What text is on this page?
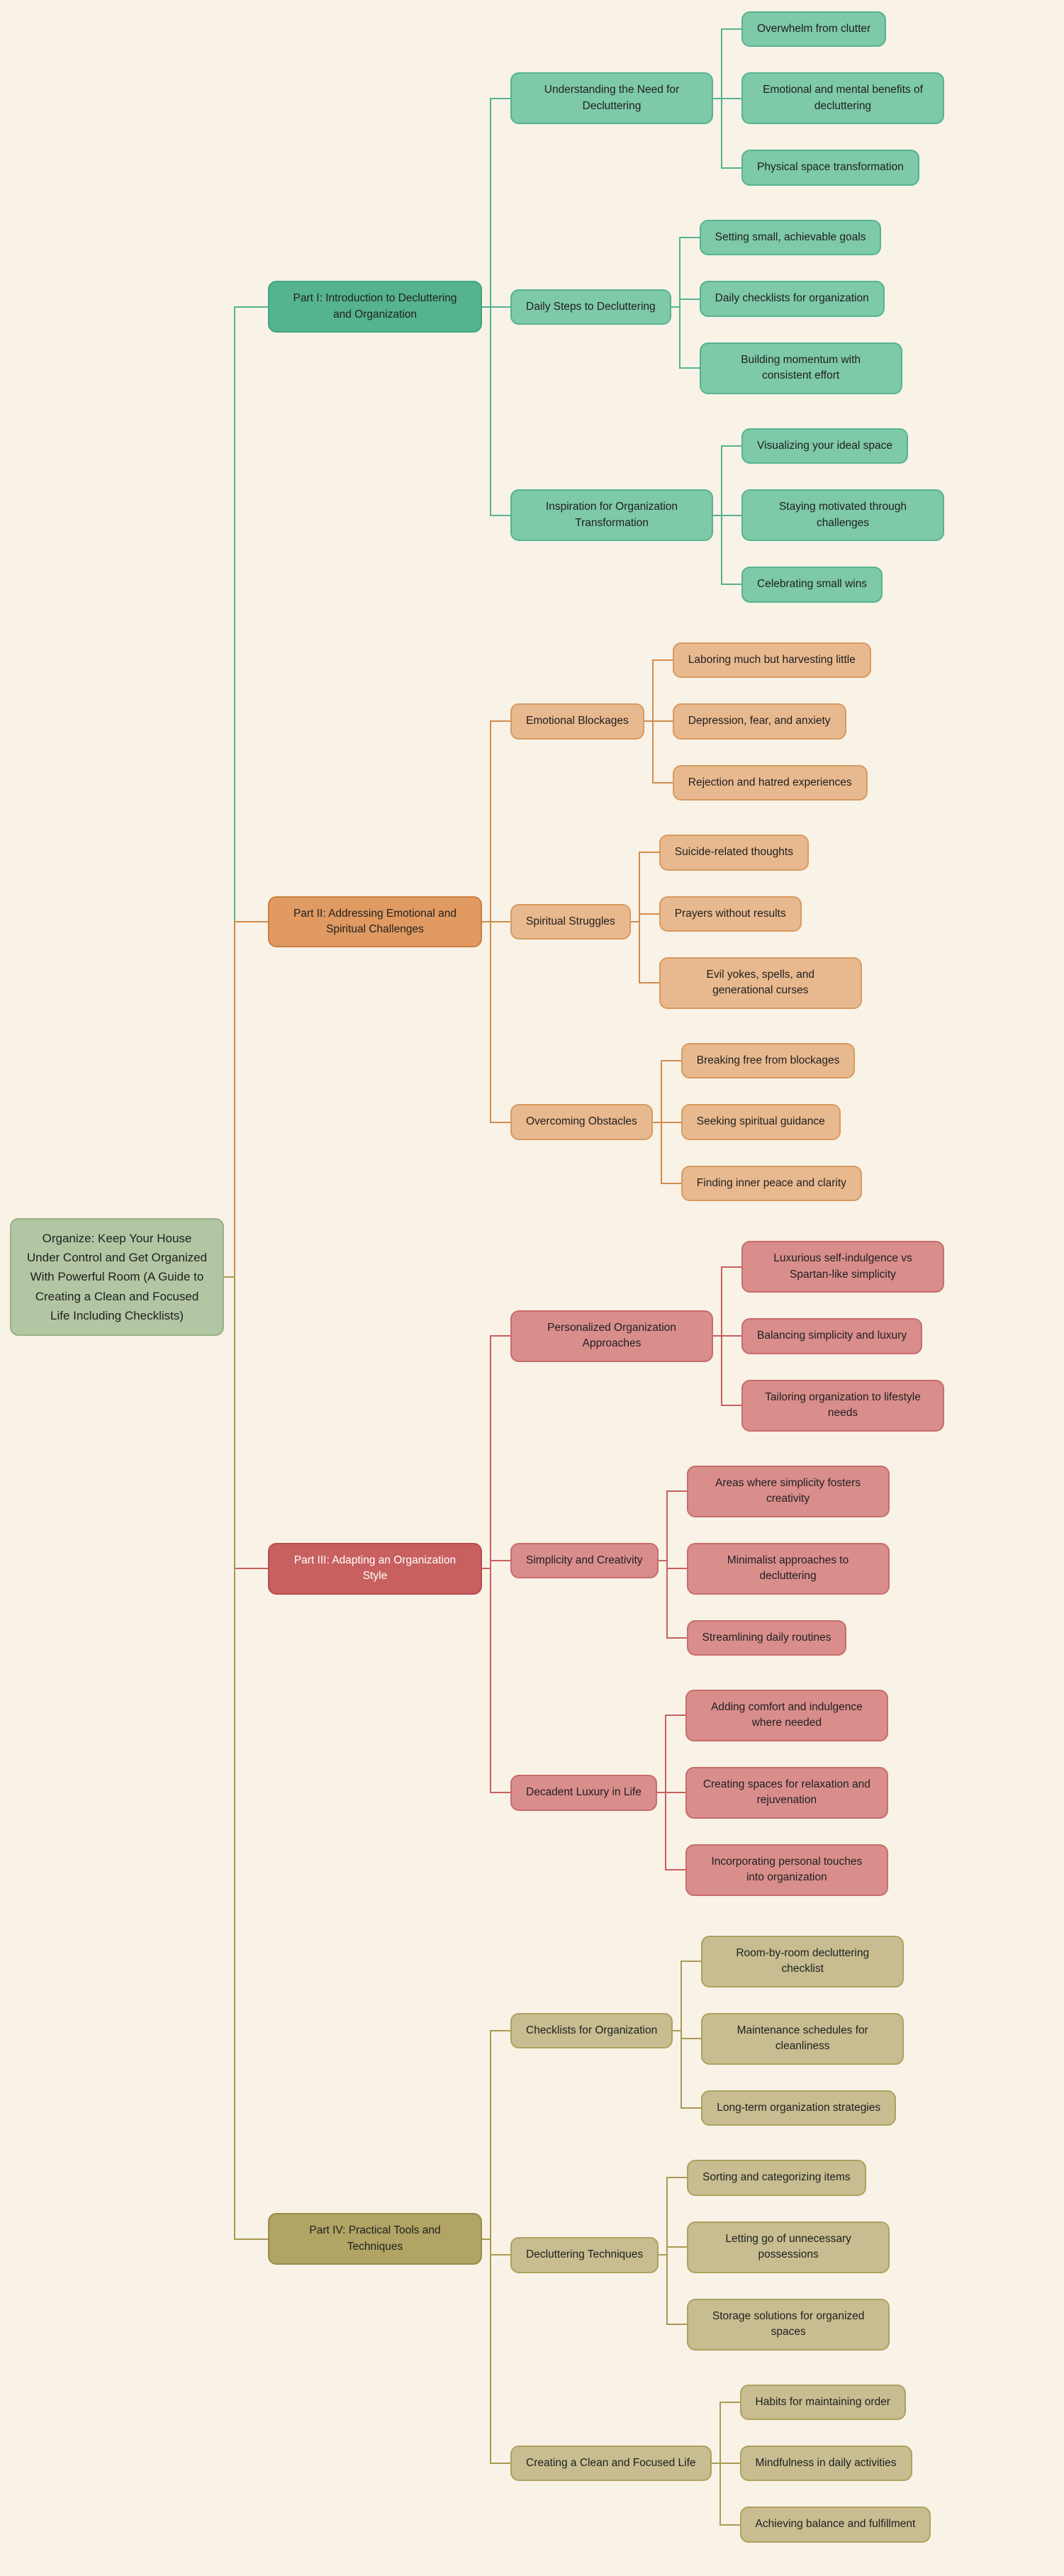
Organize: Keep Your House Under Control and Get Organized With Powerful Room (A Guide to Creating a Clean and Focused Life Including Checklists)
Part I: Introduction to Decluttering and Organization
Understanding the Need for Decluttering
Overwhelm from clutter
Emotional and mental benefits of decluttering
Physical space transformation
Daily Steps to Decluttering
Setting small, achievable goals
Daily checklists for organization
Building momentum with consistent effort
Inspiration for Organization Transformation
Visualizing your ideal space
Staying motivated through challenges
Celebrating small wins
Part II: Addressing Emotional and Spiritual Challenges
Emotional Blockages
Laboring much but harvesting little
Depression, fear, and anxiety
Rejection and hatred experiences
Spiritual Struggles
Suicide-related thoughts
Prayers without results
Evil yokes, spells, and generational curses
Overcoming Obstacles
Breaking free from blockages
Seeking spiritual guidance
Finding inner peace and clarity
Part III: Adapting an Organization Style
Personalized Organization Approaches
Luxurious self-indulgence vs Spartan-like simplicity
Balancing simplicity and luxury
Tailoring organization to lifestyle needs
Simplicity and Creativity
Areas where simplicity fosters creativity
Minimalist approaches to decluttering
Streamlining daily routines
Decadent Luxury in Life
Adding comfort and indulgence where needed
Creating spaces for relaxation and rejuvenation
Incorporating personal touches into organization
Part IV: Practical Tools and Techniques
Checklists for Organization
Room-by-room decluttering checklist
Maintenance schedules for cleanliness
Long-term organization strategies
Decluttering Techniques
Sorting and categorizing items
Letting go of unnecessary possessions
Storage solutions for organized spaces
Creating a Clean and Focused Life
Habits for maintaining order
Mindfulness in daily activities
Achieving balance and fulfillment
